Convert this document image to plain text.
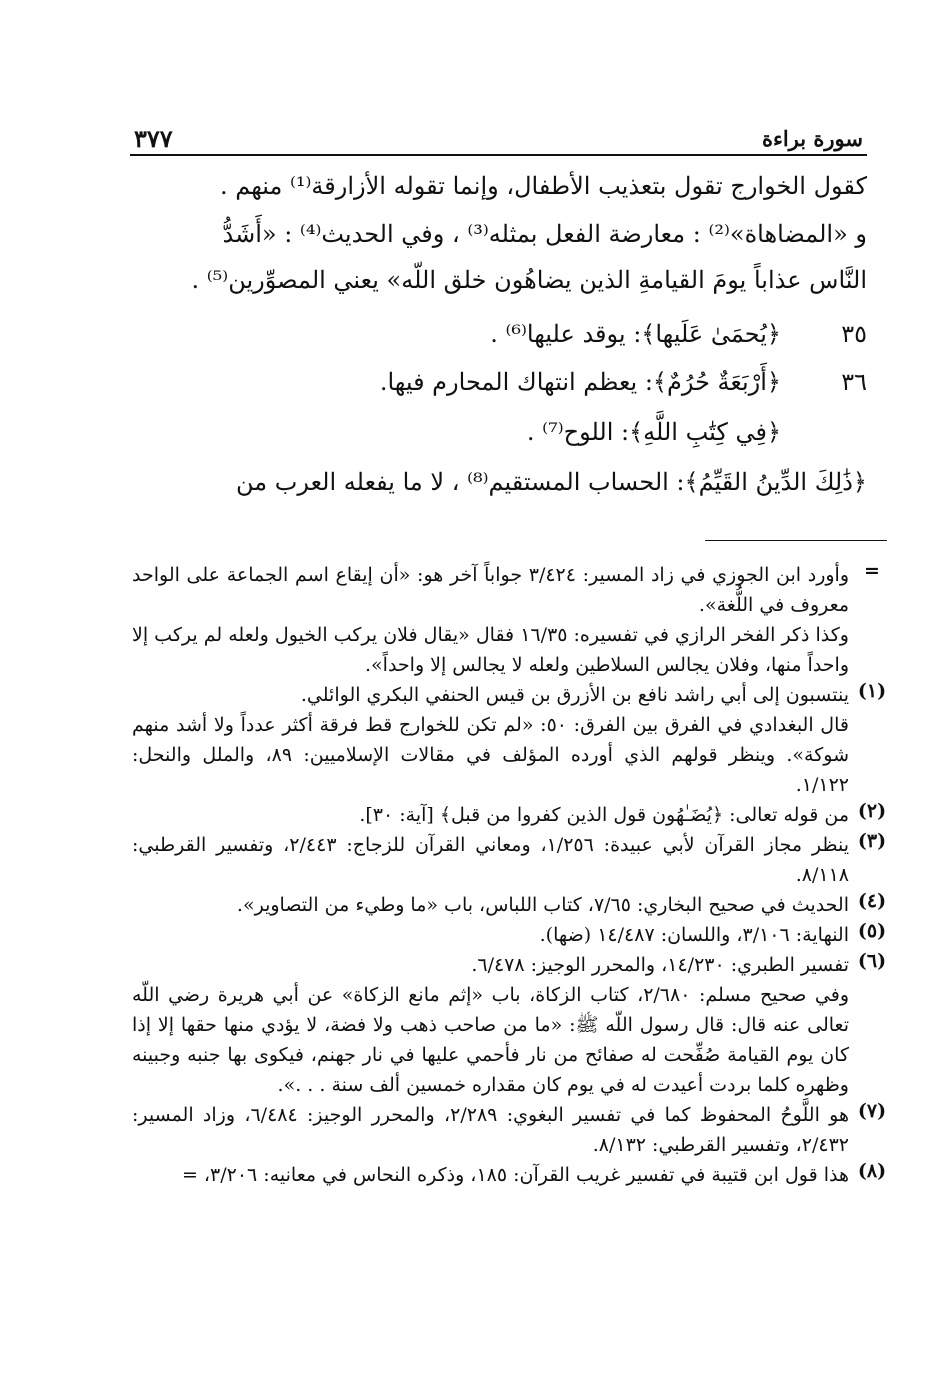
سورة براءة
٣٧٧
كقول الخوارج تقول بتعذيب الأطفال، وإنما تقوله الأزارقة⁽¹⁾ منهم .
و «المضاهاة»⁽²⁾ : معارضة الفعل بمثله⁽³⁾ ، وفي الحديث⁽⁴⁾ : «أَشَدُّ
النَّاس عذاباً يومَ القيامةِ الذين يضاهُون خلق اللّه» يعني المصوِّرين⁽⁵⁾ .
٣٥
﴿يُحمَىٰ عَلَيها﴾: يوقد عليها⁽⁶⁾ .
٣٦
﴿أَرْبَعَةٌ حُرُمٌ﴾: يعظم انتهاك المحارم فيها.
﴿فِي كِتَٰبِ اللَّهِ﴾: اللوح⁽⁷⁾ .
﴿ذَٰلِكَ الدِّينُ القَيِّمُ﴾: الحساب المستقيم⁽⁸⁾ ، لا ما يفعله العرب من
=
وأورد ابن الجوزي في زاد المسير: ٣/٤٢٤ جواباً آخر هو: «أن إيقاع اسم الجماعة على الواحد معروف في اللُّغة».
وكذا ذكر الفخر الرازي في تفسيره: ١٦/٣٥ فقال «يقال فلان يركب الخيول ولعله لم يركب إلا واحداً منها، وفلان يجالس السلاطين ولعله لا يجالس إلا واحداً».
(١)
ينتسبون إلى أبي راشد نافع بن الأزرق بن قيس الحنفي البكري الوائلي.
قال البغدادي في الفرق بين الفرق: ٥٠: «لم تكن للخوارج قط فرقة أكثر عدداً ولا أشد منهم شوكة». وينظر قولهم الذي أورده المؤلف في مقالات الإسلاميين: ٨٩، والملل والنحل: ١/١٢٢.
(٢)
من قوله تعالى: ﴿يُضَـٰهُون قول الذين كفروا من قبل﴾ [آية: ٣٠].
(٣)
ينظر مجاز القرآن لأبي عبيدة: ١/٢٥٦، ومعاني القرآن للزجاج: ٢/٤٤٣، وتفسير القرطبي: ٨/١١٨.
(٤)
الحديث في صحيح البخاري: ٧/٦٥، كتاب اللباس، باب «ما وطيء من التصاوير».
(٥)
النهاية: ٣/١٠٦، واللسان: ١٤/٤٨٧ (ضها).
(٦)
تفسير الطبري: ١٤/٢٣٠، والمحرر الوجيز: ٦/٤٧٨.
وفي صحيح مسلم: ٢/٦٨٠، كتاب الزكاة، باب «إثم مانع الزكاة» عن أبي هريرة رضي اللّه تعالى عنه قال: قال رسول اللّه ﷺ: «ما من صاحب ذهب ولا فضة، لا يؤدي منها حقها إلا إذا كان يوم القيامة صُفِّحت له صفائح من نار فأحمي عليها في نار جهنم، فيكوى بها جنبه وجبينه وظهره كلما بردت أعيدت له في يوم كان مقداره خمسين ألف سنة . . .».
(٧)
هو اللَّوحُ المحفوظ كما في تفسير البغوي: ٢/٢٨٩، والمحرر الوجيز: ٦/٤٨٤، وزاد المسير: ٢/٤٣٢، وتفسير القرطبي: ٨/١٣٢.
(٨)
هذا قول ابن قتيبة في تفسير غريب القرآن: ١٨٥، وذكره النحاس في معانيه: ٣/٢٠٦، =
